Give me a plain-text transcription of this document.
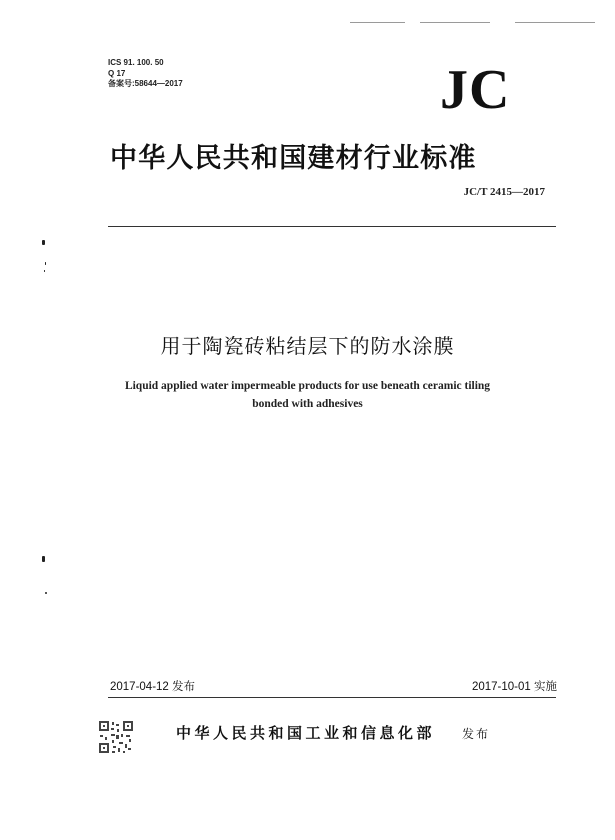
ICS 91. 100. 50
Q 17
备案号:58644—2017	JC
中华人民共和国建材行业标准
JC/T 2415—2017
用于陶瓷砖粘结层下的防水涂膜
Liquid applied water impermeable products for use beneath ceramic tiling
bonded with adhesives
2017-04-12 发布	2017-10-01 实施
中华人民共和国工业和信息化部 发布
